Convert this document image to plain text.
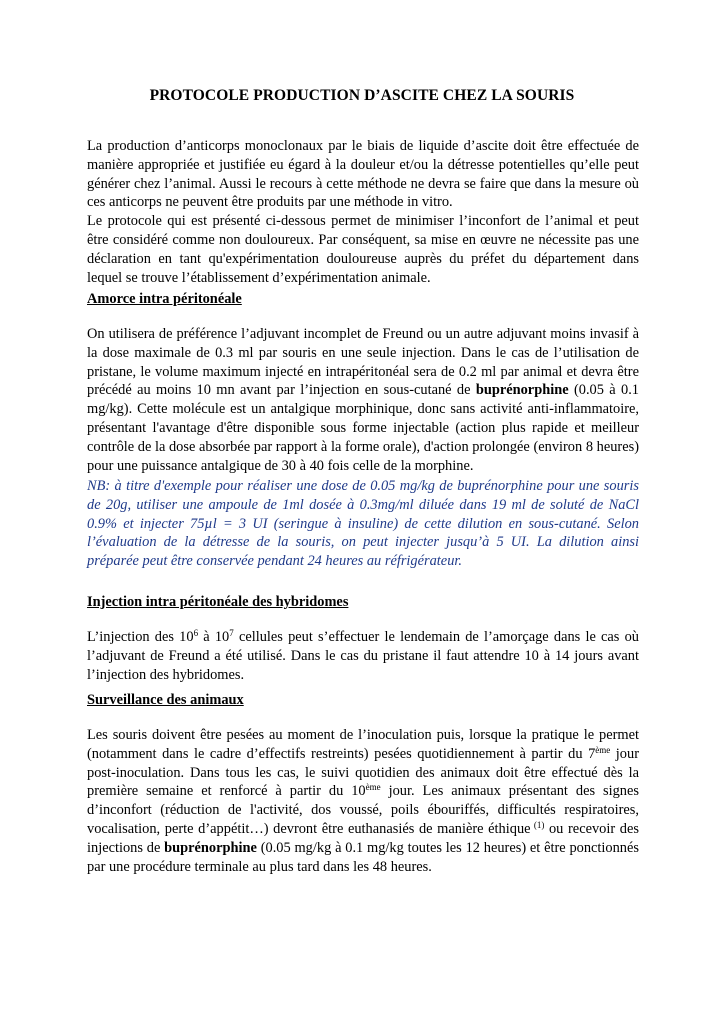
PROTOCOLE PRODUCTION D’ASCITE CHEZ LA SOURIS

La production d’anticorps monoclonaux par le biais de liquide d’ascite doit être effectuée de manière appropriée et justifiée eu égard à la douleur et/ou la détresse potentielles qu’elle peut générer chez l’animal. Aussi le recours à cette méthode ne devra se faire que dans la mesure où ces anticorps ne peuvent être produits par une méthode in vitro.

Le protocole qui est présenté ci-dessous permet de minimiser l’inconfort de l’animal et peut être considéré comme non douloureux. Par conséquent, sa mise en œuvre ne nécessite pas une déclaration en tant qu'expérimentation douloureuse auprès du préfet du département dans lequel se trouve l’établissement d’expérimentation animale.

Amorce intra péritonéale

On utilisera de préférence l’adjuvant incomplet de Freund ou un autre adjuvant moins invasif à la dose maximale de 0.3 ml par souris en une seule injection. Dans le cas de l’utilisation de pristane, le volume maximum injecté en intrapéritonéal sera de 0.2 ml par animal et devra être précédé au moins 10 mn avant par l’injection en sous-cutané de buprénorphine (0.05 à 0.1 mg/kg). Cette molécule est un antalgique morphinique, donc sans activité anti-inflammatoire, présentant l'avantage d'être disponible sous forme injectable (action plus rapide et meilleur contrôle de la dose absorbée par rapport à la forme orale), d'action prolongée (environ 8 heures) pour une puissance antalgique de 30 à 40 fois celle de la morphine.

NB: à titre d'exemple pour réaliser une dose de 0.05 mg/kg de buprénorphine pour une souris de 20g, utiliser une ampoule de 1ml dosée à 0.3mg/ml diluée dans 19 ml de soluté de NaCl 0.9% et injecter 75µl = 3 UI (seringue à insuline) de cette dilution en sous-cutané. Selon l’évaluation de la détresse de la souris, on peut injecter jusqu’à 5 UI. La dilution ainsi préparée peut être conservée pendant 24 heures au réfrigérateur.

Injection intra péritonéale des hybridomes

L’injection des $10^6$ à $10^7$ cellules peut s’effectuer le lendemain de l’amorçage dans le cas où l’adjuvant de Freund a été utilisé. Dans le cas du pristane il faut attendre 10 à 14 jours avant l’injection des hybridomes.

Surveillance des animaux

Les souris doivent être pesées au moment de l’inoculation puis, lorsque la pratique le permet (notamment dans le cadre d’effectifs restreints) pesées quotidiennement à partir du 7ème jour post-inoculation. Dans tous les cas, le suivi quotidien des animaux doit être effectué dès la première semaine et renforcé à partir du 10ème jour. Les animaux présentant des signes d’inconfort (réduction de l'activité, dos voussé, poils ébouriffés, difficultés respiratoires, vocalisation, perte d’appétit…) devront être euthanasiés de manière éthique $^{(1)}$ ou recevoir des injections de buprénorphine (0.05 mg/kg à 0.1 mg/kg toutes les 12 heures) et être ponctionnés par une procédure terminale au plus tard dans les 48 heures.
